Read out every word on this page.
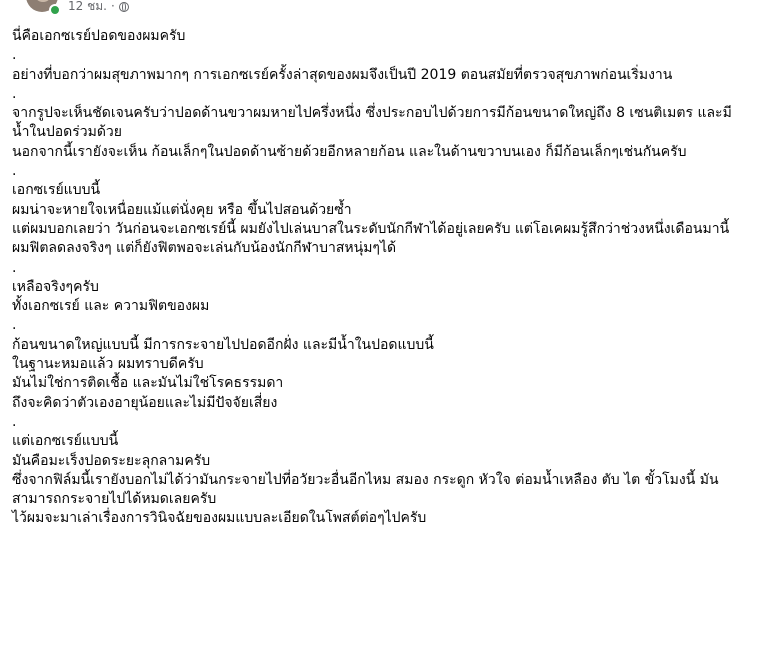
12 ชม. ·

นี่คือเอกซเรย์ปอดของผมครับ

.

อย่างที่บอกว่าผมสุขภาพมากๆ การเอกซเรย์ครั้งล่าสุดของผมจึงเป็นปี 2019 ตอนสมัยที่ตรวจสุขภาพก่อนเริ่มงาน

.

จากรูปจะเห็นชัดเจนครับว่าปอดด้านขวาผมหายไปครึ่งหนึ่ง ซึ่งประกอบไปด้วยการมีก้อนขนาดใหญ่ถึง 8 เซนติเมตร และมีน้ำในปอดร่วมด้วย

นอกจากนี้เรายังจะเห็น ก้อนเล็กๆในปอดด้านซ้ายด้วยอีกหลายก้อน และในด้านขวาบนเอง ก็มีก้อนเล็กๆเช่นกันครับ

.

เอกซเรย์แบบนี้

ผมน่าจะหายใจเหนื่อยแม้แต่นั่งคุย หรือ ขึ้นไปสอนด้วยซ้ำ

แต่ผมบอกเลยว่า วันก่อนจะเอกซเรย์นี้ ผมยังไปเล่นบาสในระดับนักกีฬาได้อยู่เลยครับ แต่โอเคผมรู้สึกว่าช่วงหนึ่งเดือนมานี้ ผมฟิตลดลงจริงๆ แต่ก็ยังฟิตพอจะเล่นกับน้องนักกีฬาบาสหนุ่มๆได้

.

เหลือจริงๆครับ

ทั้งเอกซเรย์ และ ความฟิตของผม

.

ก้อนขนาดใหญ่แบบนี้ มีการกระจายไปปอดอีกฝั่ง และมีน้ำในปอดแบบนี้

ในฐานะหมอแล้ว ผมทราบดีครับ

มันไม่ใช่การติดเชื้อ และมันไม่ใช่โรคธรรมดา

ถึงจะคิดว่าตัวเองอายุน้อยและไม่มีปัจจัยเสี่ยง

.

แต่เอกซเรย์แบบนี้

มันคือมะเร็งปอดระยะลุกลามครับ

ซึ่งจากฟิล์มนี้เรายังบอกไม่ได้ว่ามันกระจายไปที่อวัยวะอื่นอีกไหม สมอง กระดูก หัวใจ ต่อมน้ำเหลือง ตับ ไต ขั้วโมงนี้ มันสามารถกระจายไปได้หมดเลยครับ

ไว้ผมจะมาเล่าเรื่องการวินิจฉัยของผมแบบละเอียดในโพสต์ต่อๆไปครับ
